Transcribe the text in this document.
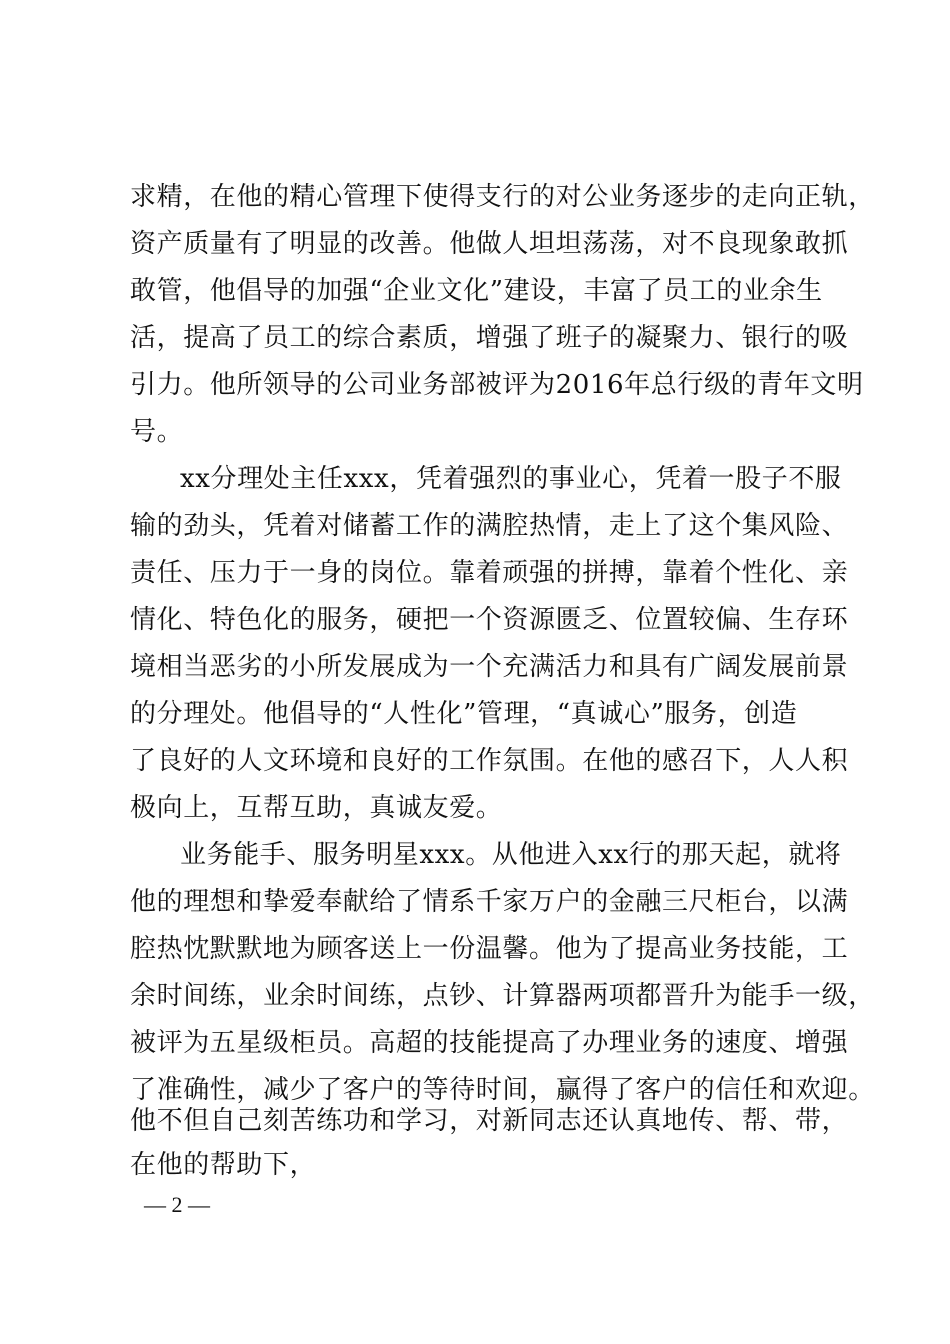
求精，在他的精心管理下使得支行的对公业务逐步的走向正轨，

资产质量有了明显的改善。他做人坦坦荡荡，对不良现象敢抓

敢管，他倡导的加强“企业文化”建设，丰富了员工的业余生

活，提高了员工的综合素质，增强了班子的凝聚力、银行的吸

引力。他所领导的公司业务部被评为2016年总行级的青年文明

号。

xx分理处主任xxx，凭着强烈的事业心，凭着一股子不服

输的劲头，凭着对储蓄工作的满腔热情，走上了这个集风险、

责任、压力于一身的岗位。靠着顽强的拼搏，靠着个性化、亲

情化、特色化的服务，硬把一个资源匮乏、位置较偏、生存环

境相当恶劣的小所发展成为一个充满活力和具有广阔发展前景

的分理处。他倡导的“人性化”管理，“真诚心”服务，创造

了良好的人文环境和良好的工作氛围。在他的感召下，人人积

极向上，互帮互助，真诚友爱。

业务能手、服务明星xxx。从他进入xx行的那天起，就将

他的理想和挚爱奉献给了情系千家万户的金融三尺柜台，以满

腔热忱默默地为顾客送上一份温馨。他为了提高业务技能，工

余时间练，业余时间练，点钞、计算器两项都晋升为能手一级，

被评为五星级柜员。高超的技能提高了办理业务的速度、增强

了准确性，减少了客户的等待时间，赢得了客户的信任和欢迎。

他不但自己刻苦练功和学习，对新同志还认真地传、帮、带，

在他的帮助下，

— 2 —
